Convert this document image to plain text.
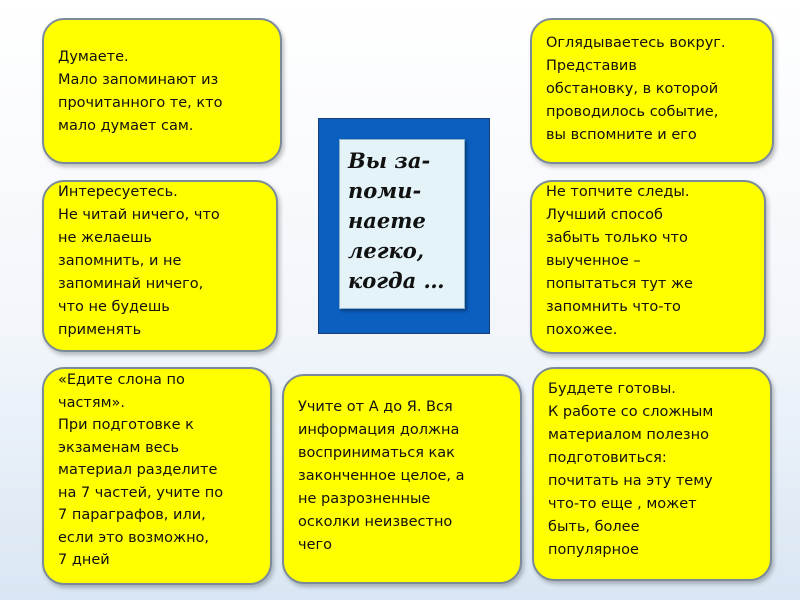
Думаете.
Мало запоминают из
прочитанного те, кто
мало думает сам.
Оглядываетесь вокруг.
Представив
обстановку, в которой
проводилось событие,
вы вспомните и его
Интересуетесь.
Не читай ничего, что
не желаешь
запомнить, и не
запоминай ничего,
что не будешь
применять
Не топчите следы.
Лучший способ
забыть только что
выученное –
попытаться тут же
запомнить что-то
похожее.
«Едите слона по
частям».
При подготовке к
экзаменам весь
материал разделите
на 7 частей, учите по
7 параграфов, или,
если это возможно,
7 дней
Учите от А до Я. Вся
информация должна
восприниматься как
законченное целое, а
не разрозненные
осколки неизвестно
чего
Буддете готовы.
К работе со сложным
материалом полезно
подготовиться:
почитать на эту тему
что-то еще , может
быть, более
популярное
Вы за-
поми-
наете
легко,
когда …
